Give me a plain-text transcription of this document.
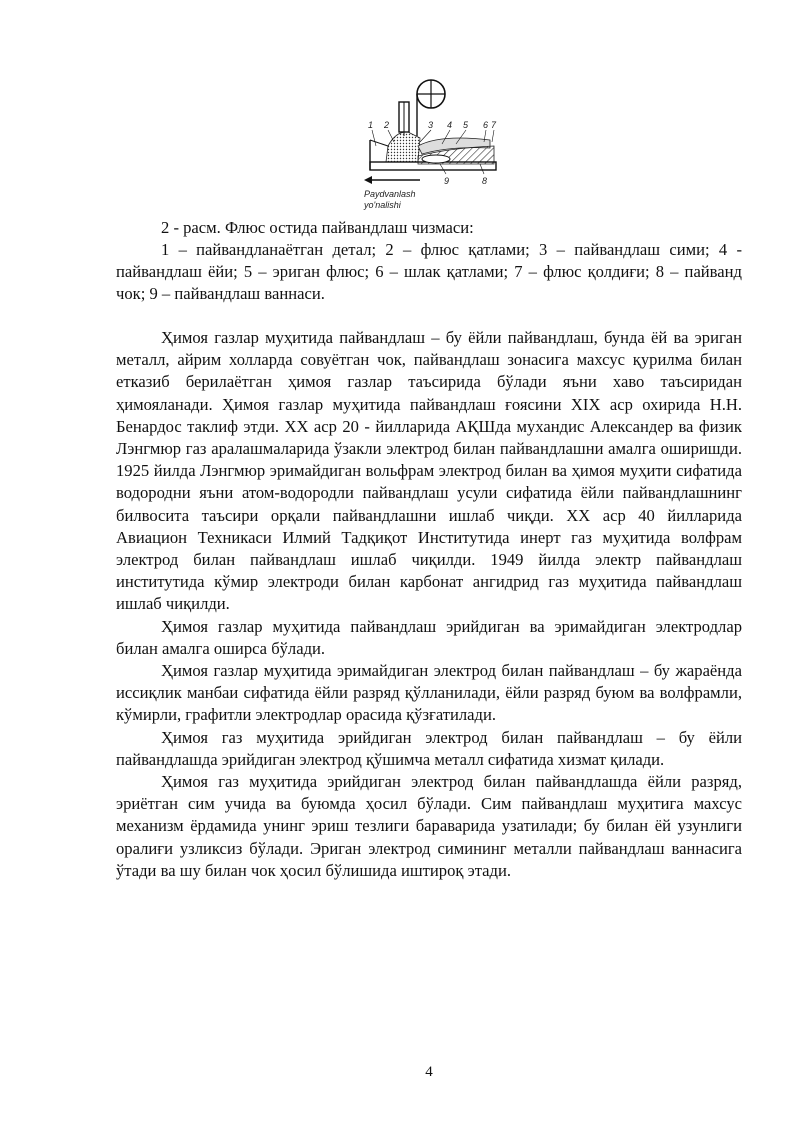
1 2	3 4 5 6 7
8
9
Paydvanlash
yo'nalishi
2 - расм. Флюс остида пайвандлаш чизмаси:
1 – пайвандланаётган детал; 2 – флюс қатлами; 3 – пайвандлаш сими; 4 - пайвандлаш ёйи; 5 – эриган флюс; 6 – шлак қатлами; 7 – флюс қолдиғи; 8 – пайванд чок; 9 – пайвандлаш ваннаси.

Ҳимоя газлар муҳитида пайвандлаш – бу ёйли пайвандлаш, бунда ёй ва эриган металл, айрим холларда совуётган чок, пайвандлаш зонасига махсус қурилма билан етказиб берилаётган ҳимоя газлар таъсирида бўлади яъни хаво таъсиридан ҳимояланади. Ҳимоя газлар муҳитида пайвандлаш ғоясини XIX аср охирида Н.Н. Бенардос таклиф этди. XX аср 20 - йилларида АҚШда мухандис Александер ва физик Лэнгмюр газ аралашмаларида ўзакли электрод билан пайвандлашни амалга оширишди. 1925 йилда Лэнгмюр эримайдиган вольфрам электрод билан ва ҳимоя муҳити сифатида водородни яъни атом-водородли пайвандлаш усули сифатида ёйли пайвандлашнинг билвосита таъсири орқали пайвандлашни ишлаб чиқди. XX аср 40 йилларида Авиацион Техникаси Илмий Тадқиқот Институтида инерт газ муҳитида волфрам электрод билан пайвандлаш ишлаб чиқилди. 1949 йилда электр пайвандлаш институтида кўмир электроди билан карбонат ангидрид газ муҳитида пайвандлаш ишлаб чиқилди.

Ҳимоя газлар муҳитида пайвандлаш эрийдиган ва эримайдиган электродлар билан амалга оширса бўлади.

Ҳимоя газлар муҳитида эримайдиган электрод билан пайвандлаш – бу жараёнда иссиқлик манбаи сифатида ёйли разряд қўлланилади, ёйли разряд буюм ва волфрамли, кўмирли, графитли электродлар орасида қўзғатилади.

Ҳимоя газ муҳитида эрийдиган электрод билан пайвандлаш – бу ёйли пайвандлашда эрийдиган электрод қўшимча металл сифатида хизмат қилади.

Ҳимоя газ муҳитида эрийдиган электрод билан пайвандлашда ёйли разряд, эриётган сим учида ва буюмда ҳосил бўлади. Сим пайвандлаш муҳитига махсус механизм ёрдамида унинг эриш тезлиги бараварида узатилади; бу билан ёй узунлиги оралиғи узликсиз бўлади. Эриган электрод симининг металли пайвандлаш ваннасига ўтади ва шу билан чок ҳосил бўлишида иштироқ этади.

4
